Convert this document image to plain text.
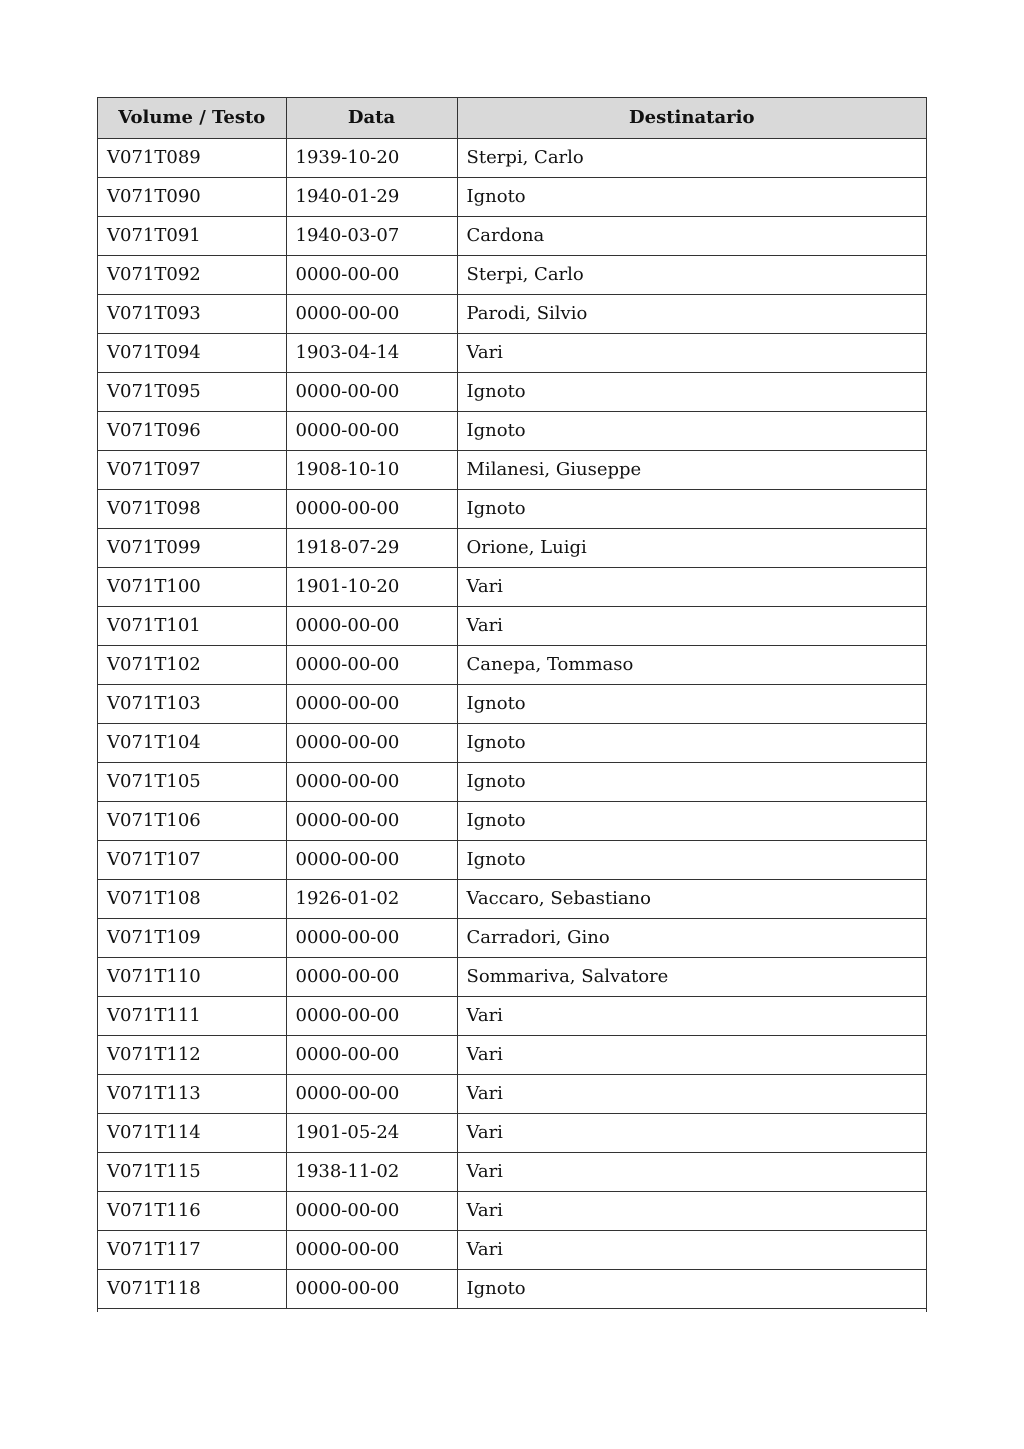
Volume / Testo	Data	Destinatario
V071T089	1939-10-20	Sterpi, Carlo
V071T090	1940-01-29	Ignoto
V071T091	1940-03-07	Cardona
V071T092	0000-00-00	Sterpi, Carlo
V071T093	0000-00-00	Parodi, Silvio
V071T094	1903-04-14	Vari
V071T095	0000-00-00	Ignoto
V071T096	0000-00-00	Ignoto
V071T097	1908-10-10	Milanesi, Giuseppe
V071T098	0000-00-00	Ignoto
V071T099	1918-07-29	Orione, Luigi
V071T100	1901-10-20	Vari
V071T101	0000-00-00	Vari
V071T102	0000-00-00	Canepa, Tommaso
V071T103	0000-00-00	Ignoto
V071T104	0000-00-00	Ignoto
V071T105	0000-00-00	Ignoto
V071T106	0000-00-00	Ignoto
V071T107	0000-00-00	Ignoto
V071T108	1926-01-02	Vaccaro, Sebastiano
V071T109	0000-00-00	Carradori, Gino
V071T110	0000-00-00	Sommariva, Salvatore
V071T111	0000-00-00	Vari
V071T112	0000-00-00	Vari
V071T113	0000-00-00	Vari
V071T114	1901-05-24	Vari
V071T115	1938-11-02	Vari
V071T116	0000-00-00	Vari
V071T117	0000-00-00	Vari
V071T118	0000-00-00	Ignoto
